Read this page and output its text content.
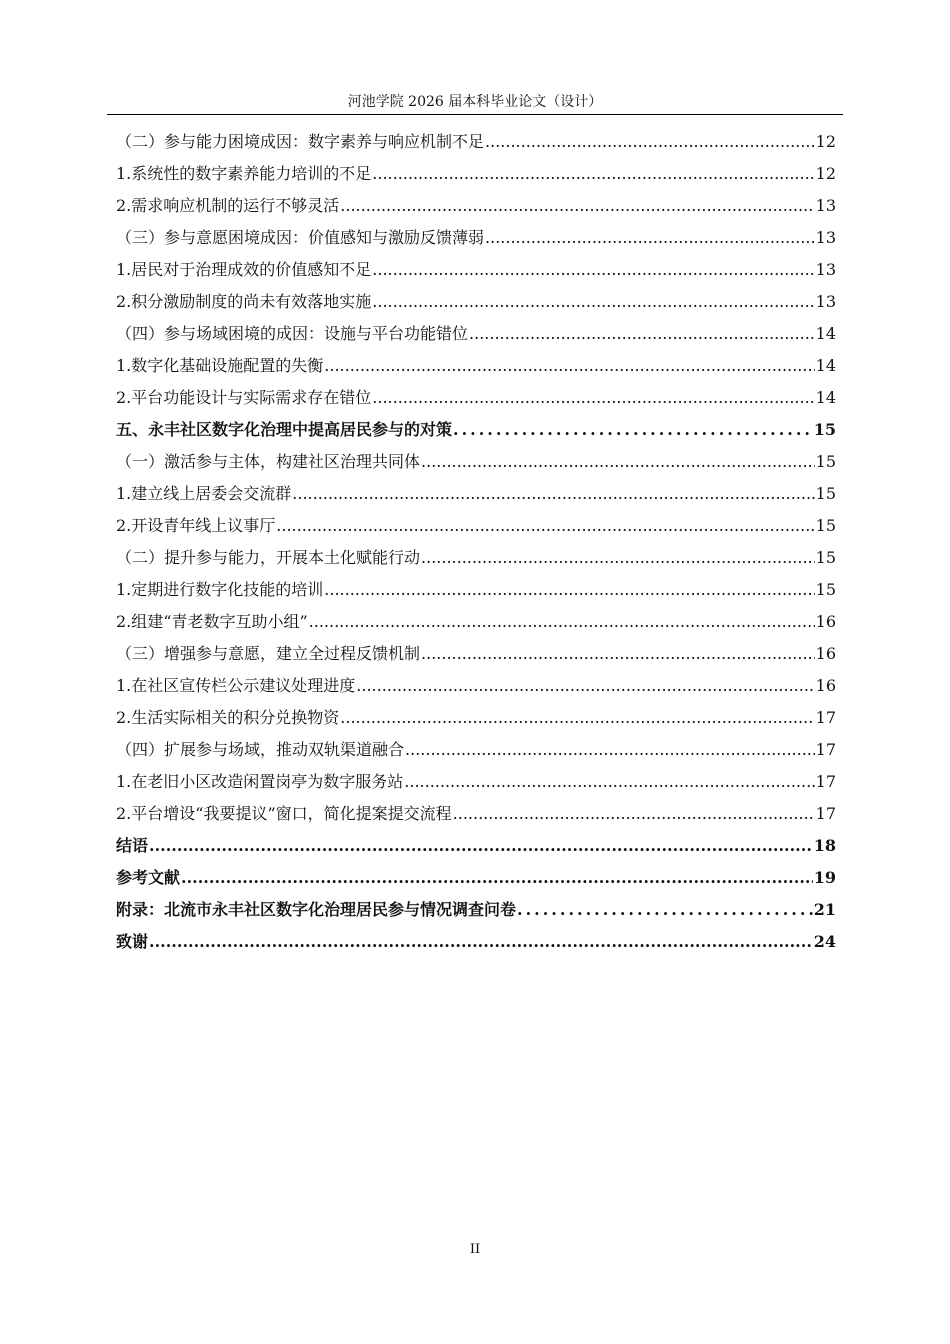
河池学院 2026 届本科毕业论文（设计）
（二）参与能力困境成因：数字素养与响应机制不足 .....	12
1.系统性的数字素养能力培训的不足 .....	12
2.需求响应机制的运行不够灵活 .....	13
（三）参与意愿困境成因：价值感知与激励反馈薄弱 .....	13
1.居民对于治理成效的价值感知不足 .....	13
2.积分激励制度的尚未有效落地实施 .....	13
（四）参与场域困境的成因：设施与平台功能错位 .....	14
1.数字化基础设施配置的失衡 .....	14
2.平台功能设计与实际需求存在错位 .....	14
五、永丰社区数字化治理中提高居民参与的对策 .....	15
（一）激活参与主体，构建社区治理共同体 .....	15
1.建立线上居委会交流群 .....	15
2.开设青年线上议事厅 .....	15
（二）提升参与能力，开展本土化赋能行动 .....	15
1.定期进行数字化技能的培训 .....	15
2.组建“青老数字互助小组” .....	16
（三）增强参与意愿，建立全过程反馈机制 .....	16
1.在社区宣传栏公示建议处理进度 .....	16
2.生活实际相关的积分兑换物资 .....	17
（四）扩展参与场域，推动双轨渠道融合 .....	17
1.在老旧小区改造闲置岗亭为数字服务站 .....	17
2.平台增设“我要提议”窗口，简化提案提交流程 .....	17
结语 .....	18
参考文献 .....	19
附录：北流市永丰社区数字化治理居民参与情况调查问卷 .....	21
致谢 .....	24
II
